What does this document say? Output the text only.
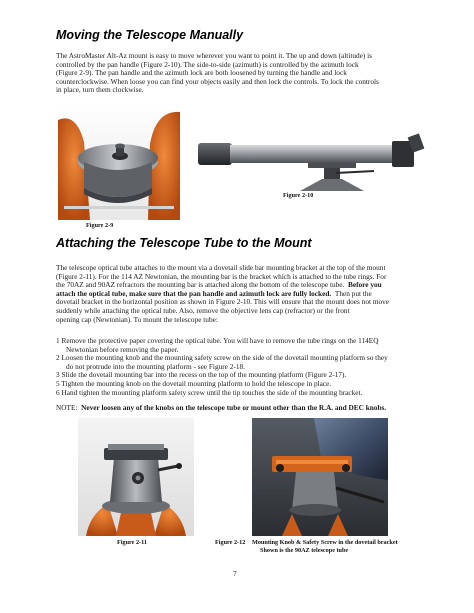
Moving the Telescope Manually

The AstroMaster Alt-Az mount is easy to move wherever you want to point it. The up and down (altitude) is

controlled by the pan handle (Figure 2-10). The side-to-side (azimuth) is controlled by the azimuth lock

(Figure 2-9). The pan handle and the azimuth lock are both loosened by turning the handle and lock

counterclockwise. When loose you can find your objects easily and then lock the controls. To lock the controls

in place, turn them clockwise.

Figure 2-9
Figure 2-10
Attaching the Telescope Tube to the Mount

The telescope optical tube attaches to the mount via a dovetail slide bar mounting bracket at the top of the mount

(Figure 2-11). For the 114 AZ Newtonian, the mounting bar is the bracket which is attached to the tube rings. For

the 70AZ and 90AZ refractors the mounting bar is attached along the bottom of the telescope tube. Before you

attach the optical tube, make sure that the pan handle and azimuth lock are fully locked. Then put the

dovetail bracket in the horizontal position as shown in Figure 2-10. This will ensure that the mount does not move

suddenly while attaching the optical tube. Also, remove the objective lens cap (refractor) or the front

opening cap (Newtonian). To mount the telescope tube:

1 Remove the protective paper covering the optical tube. You will have to remove the tube rings on the 114EQ
Newtonian before removing the paper.
2 Loosen the mounting knob and the mounting safety screw on the side of the dovetail mounting platform so they
do not protrude into the mounting platform - see Figure 2-18.
3 Slide the dovetail mounting bar into the recess on the top of the mounting platform (Figure 2-17).
5 Tighten the mounting knob on the dovetail mounting platform to hold the telescope in place.
6 Hand tighten the mounting platform safety screw until the tip touches the side of the mounting bracket.
NOTE: Never loosen any of the knobs on the telescope tube or mount other than the R.A. and DEC knobs.
Figure 2-11	Figure 2-12 Mounting Knob & Safety Screw in the dovetail bracket
Shown is the 90AZ telescope tube
7
